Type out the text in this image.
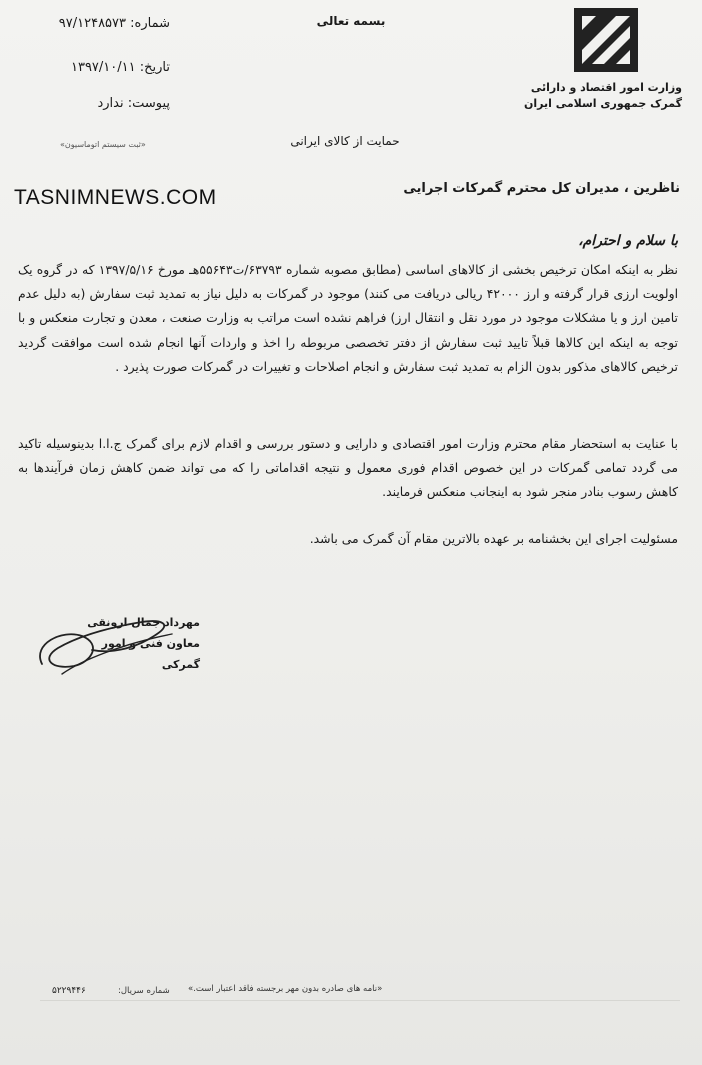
بسمه تعالی
وزارت امور اقتصاد و دارائی
گمرک جمهوری اسلامی ایران
شماره: ۹۷/۱۲۴۸۵۷۳
تاریخ: ۱۳۹۷/۱۰/۱۱
پیوست: ندارد
«ثبت سیستم اتوماسیون»	حمایت از کالای ایرانی
TASNIMNEWS.COM	ناظرین ، مدیران کل محترم گمرکات اجرایی
با سلام و احترام،

نظر به اینکه امکان ترخیص بخشی از کالاهای اساسی (مطابق مصوبه شماره ۶۳۷۹۳/ت۵۵۶۴۳هـ مورخ ۱۳۹۷/۵/۱۶ که در گروه یک اولویت ارزی قرار گرفته و ارز ۴۲۰۰۰ ریالی دریافت می کنند) موجود در گمرکات به دلیل نیاز به تمدید ثبت سفارش (به دلیل عدم تامین ارز و یا مشکلات موجود در مورد نقل و انتقال ارز) فراهم نشده است مراتب به وزارت صنعت ، معدن و تجارت منعکس و با توجه به اینکه این کالاها قبلاً تایید ثبت سفارش از دفتر تخصصی مربوطه را اخذ و واردات آنها انجام شده است موافقت گردید ترخیص کالاهای مذکور بدون الزام به تمدید ثبت سفارش و انجام اصلاحات و تغییرات در گمرکات صورت پذیرد .

با عنایت به استحضار مقام محترم وزارت امور اقتصادی و دارایی و دستور بررسی و اقدام لازم برای گمرک ج.ا.ا بدینوسیله تاکید می گردد تمامی گمرکات در این خصوص اقدام فوری معمول و نتیجه اقداماتی را که می تواند ضمن کاهش زمان فرآیندها به کاهش رسوب بنادر منجر شود به اینجانب منعکس فرمایند.

مسئولیت اجرای این بخشنامه بر عهده بالاترین مقام آن گمرک می باشد.
مهرداد جمال ارونقی
معاون فنی و امور گمرکی
«نامه های صادره بدون مهر برجسته فاقد اعتبار است.»
شماره سریال:
۵۲۲۹۴۴۶
